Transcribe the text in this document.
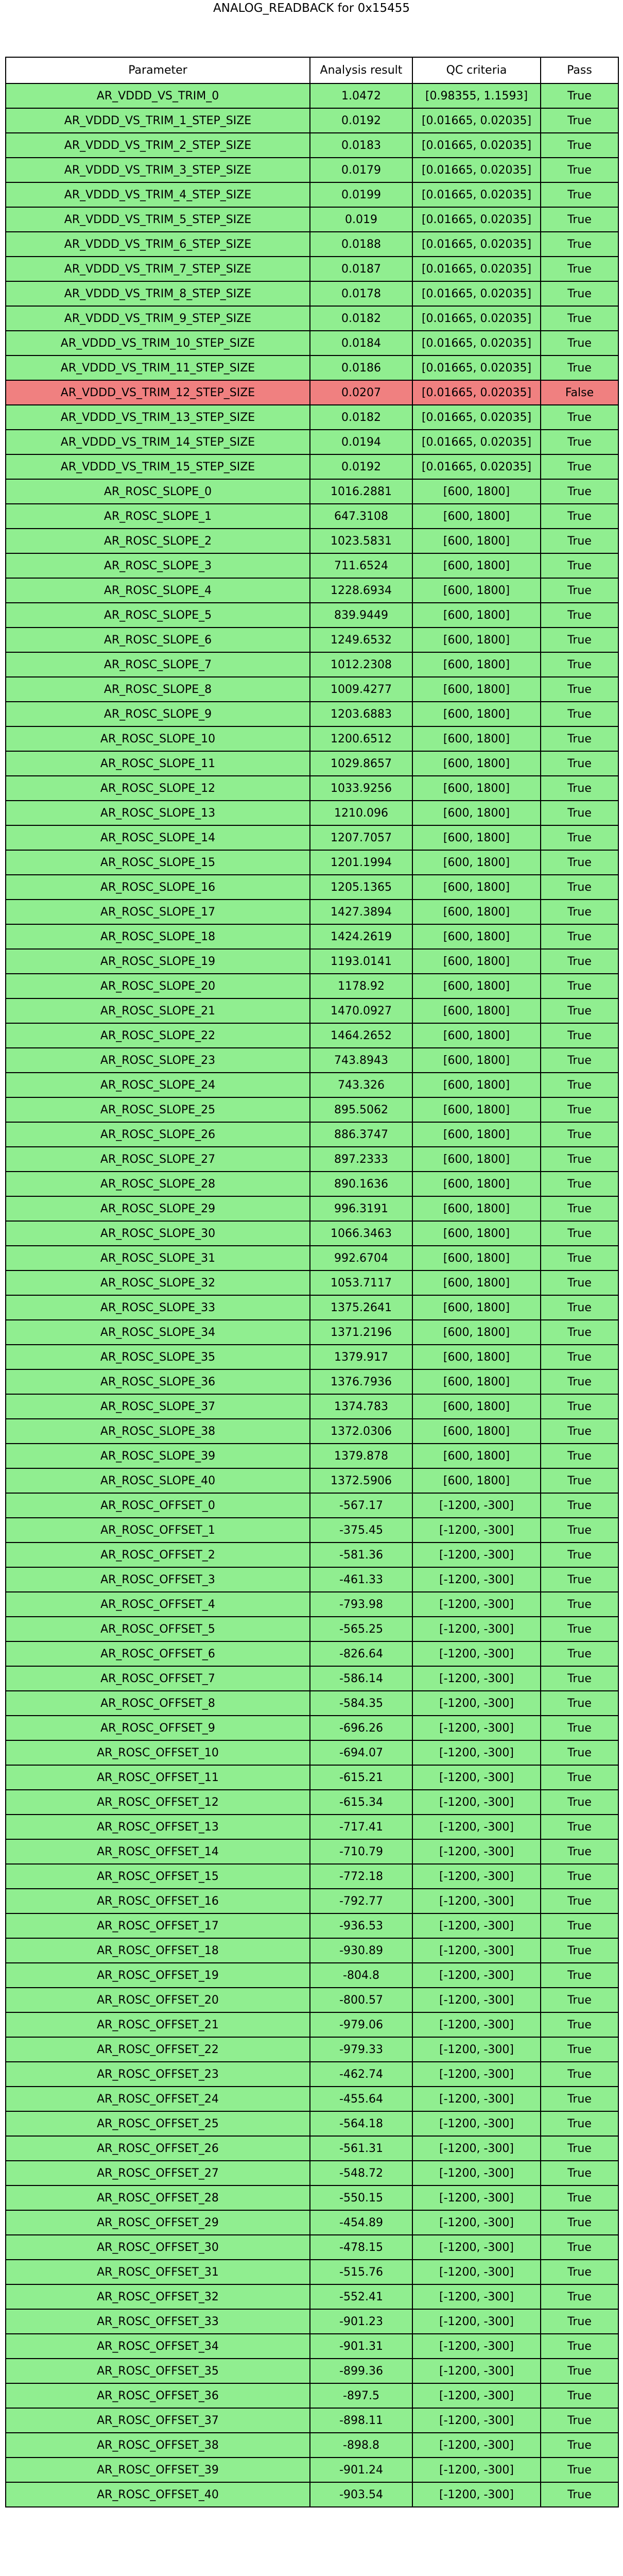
ANALOG_READBACK for 0x15455
Parameter	Analysis result	QC criteria	Pass
AR_VDDD_VS_TRIM_0	1.0472	[0.98355, 1.1593]	True
AR_VDDD_VS_TRIM_1_STEP_SIZE	0.0192	[0.01665, 0.02035]	True
AR_VDDD_VS_TRIM_2_STEP_SIZE	0.0183	[0.01665, 0.02035]	True
AR_VDDD_VS_TRIM_3_STEP_SIZE	0.0179	[0.01665, 0.02035]	True
AR_VDDD_VS_TRIM_4_STEP_SIZE	0.0199	[0.01665, 0.02035]	True
AR_VDDD_VS_TRIM_5_STEP_SIZE	0.019	[0.01665, 0.02035]	True
AR_VDDD_VS_TRIM_6_STEP_SIZE	0.0188	[0.01665, 0.02035]	True
AR_VDDD_VS_TRIM_7_STEP_SIZE	0.0187	[0.01665, 0.02035]	True
AR_VDDD_VS_TRIM_8_STEP_SIZE	0.0178	[0.01665, 0.02035]	True
AR_VDDD_VS_TRIM_9_STEP_SIZE	0.0182	[0.01665, 0.02035]	True
AR_VDDD_VS_TRIM_10_STEP_SIZE	0.0184	[0.01665, 0.02035]	True
AR_VDDD_VS_TRIM_11_STEP_SIZE	0.0186	[0.01665, 0.02035]	True
AR_VDDD_VS_TRIM_12_STEP_SIZE	0.0207	[0.01665, 0.02035]	False
AR_VDDD_VS_TRIM_13_STEP_SIZE	0.0182	[0.01665, 0.02035]	True
AR_VDDD_VS_TRIM_14_STEP_SIZE	0.0194	[0.01665, 0.02035]	True
AR_VDDD_VS_TRIM_15_STEP_SIZE	0.0192	[0.01665, 0.02035]	True
AR_ROSC_SLOPE_0	1016.2881	[600, 1800]	True
AR_ROSC_SLOPE_1	647.3108	[600, 1800]	True
AR_ROSC_SLOPE_2	1023.5831	[600, 1800]	True
AR_ROSC_SLOPE_3	711.6524	[600, 1800]	True
AR_ROSC_SLOPE_4	1228.6934	[600, 1800]	True
AR_ROSC_SLOPE_5	839.9449	[600, 1800]	True
AR_ROSC_SLOPE_6	1249.6532	[600, 1800]	True
AR_ROSC_SLOPE_7	1012.2308	[600, 1800]	True
AR_ROSC_SLOPE_8	1009.4277	[600, 1800]	True
AR_ROSC_SLOPE_9	1203.6883	[600, 1800]	True
AR_ROSC_SLOPE_10	1200.6512	[600, 1800]	True
AR_ROSC_SLOPE_11	1029.8657	[600, 1800]	True
AR_ROSC_SLOPE_12	1033.9256	[600, 1800]	True
AR_ROSC_SLOPE_13	1210.096	[600, 1800]	True
AR_ROSC_SLOPE_14	1207.7057	[600, 1800]	True
AR_ROSC_SLOPE_15	1201.1994	[600, 1800]	True
AR_ROSC_SLOPE_16	1205.1365	[600, 1800]	True
AR_ROSC_SLOPE_17	1427.3894	[600, 1800]	True
AR_ROSC_SLOPE_18	1424.2619	[600, 1800]	True
AR_ROSC_SLOPE_19	1193.0141	[600, 1800]	True
AR_ROSC_SLOPE_20	1178.92	[600, 1800]	True
AR_ROSC_SLOPE_21	1470.0927	[600, 1800]	True
AR_ROSC_SLOPE_22	1464.2652	[600, 1800]	True
AR_ROSC_SLOPE_23	743.8943	[600, 1800]	True
AR_ROSC_SLOPE_24	743.326	[600, 1800]	True
AR_ROSC_SLOPE_25	895.5062	[600, 1800]	True
AR_ROSC_SLOPE_26	886.3747	[600, 1800]	True
AR_ROSC_SLOPE_27	897.2333	[600, 1800]	True
AR_ROSC_SLOPE_28	890.1636	[600, 1800]	True
AR_ROSC_SLOPE_29	996.3191	[600, 1800]	True
AR_ROSC_SLOPE_30	1066.3463	[600, 1800]	True
AR_ROSC_SLOPE_31	992.6704	[600, 1800]	True
AR_ROSC_SLOPE_32	1053.7117	[600, 1800]	True
AR_ROSC_SLOPE_33	1375.2641	[600, 1800]	True
AR_ROSC_SLOPE_34	1371.2196	[600, 1800]	True
AR_ROSC_SLOPE_35	1379.917	[600, 1800]	True
AR_ROSC_SLOPE_36	1376.7936	[600, 1800]	True
AR_ROSC_SLOPE_37	1374.783	[600, 1800]	True
AR_ROSC_SLOPE_38	1372.0306	[600, 1800]	True
AR_ROSC_SLOPE_39	1379.878	[600, 1800]	True
AR_ROSC_SLOPE_40	1372.5906	[600, 1800]	True
AR_ROSC_OFFSET_0	-567.17	[-1200, -300]	True
AR_ROSC_OFFSET_1	-375.45	[-1200, -300]	True
AR_ROSC_OFFSET_2	-581.36	[-1200, -300]	True
AR_ROSC_OFFSET_3	-461.33	[-1200, -300]	True
AR_ROSC_OFFSET_4	-793.98	[-1200, -300]	True
AR_ROSC_OFFSET_5	-565.25	[-1200, -300]	True
AR_ROSC_OFFSET_6	-826.64	[-1200, -300]	True
AR_ROSC_OFFSET_7	-586.14	[-1200, -300]	True
AR_ROSC_OFFSET_8	-584.35	[-1200, -300]	True
AR_ROSC_OFFSET_9	-696.26	[-1200, -300]	True
AR_ROSC_OFFSET_10	-694.07	[-1200, -300]	True
AR_ROSC_OFFSET_11	-615.21	[-1200, -300]	True
AR_ROSC_OFFSET_12	-615.34	[-1200, -300]	True
AR_ROSC_OFFSET_13	-717.41	[-1200, -300]	True
AR_ROSC_OFFSET_14	-710.79	[-1200, -300]	True
AR_ROSC_OFFSET_15	-772.18	[-1200, -300]	True
AR_ROSC_OFFSET_16	-792.77	[-1200, -300]	True
AR_ROSC_OFFSET_17	-936.53	[-1200, -300]	True
AR_ROSC_OFFSET_18	-930.89	[-1200, -300]	True
AR_ROSC_OFFSET_19	-804.8	[-1200, -300]	True
AR_ROSC_OFFSET_20	-800.57	[-1200, -300]	True
AR_ROSC_OFFSET_21	-979.06	[-1200, -300]	True
AR_ROSC_OFFSET_22	-979.33	[-1200, -300]	True
AR_ROSC_OFFSET_23	-462.74	[-1200, -300]	True
AR_ROSC_OFFSET_24	-455.64	[-1200, -300]	True
AR_ROSC_OFFSET_25	-564.18	[-1200, -300]	True
AR_ROSC_OFFSET_26	-561.31	[-1200, -300]	True
AR_ROSC_OFFSET_27	-548.72	[-1200, -300]	True
AR_ROSC_OFFSET_28	-550.15	[-1200, -300]	True
AR_ROSC_OFFSET_29	-454.89	[-1200, -300]	True
AR_ROSC_OFFSET_30	-478.15	[-1200, -300]	True
AR_ROSC_OFFSET_31	-515.76	[-1200, -300]	True
AR_ROSC_OFFSET_32	-552.41	[-1200, -300]	True
AR_ROSC_OFFSET_33	-901.23	[-1200, -300]	True
AR_ROSC_OFFSET_34	-901.31	[-1200, -300]	True
AR_ROSC_OFFSET_35	-899.36	[-1200, -300]	True
AR_ROSC_OFFSET_36	-897.5	[-1200, -300]	True
AR_ROSC_OFFSET_37	-898.11	[-1200, -300]	True
AR_ROSC_OFFSET_38	-898.8	[-1200, -300]	True
AR_ROSC_OFFSET_39	-901.24	[-1200, -300]	True
AR_ROSC_OFFSET_40	-903.54	[-1200, -300]	True
